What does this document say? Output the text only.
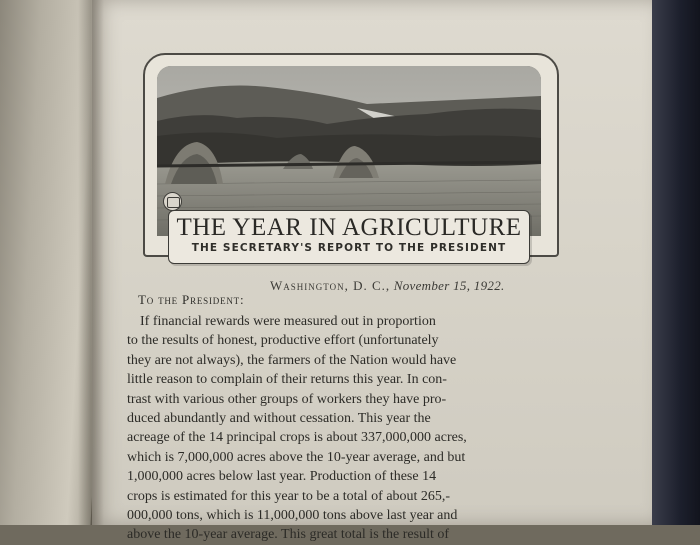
THE YEAR IN AGRICULTURE
THE SECRETARY'S REPORT TO THE PRESIDENT
Washington, D. C., November 15, 1922.
To the President:
If financial rewards were measured out in proportion
to the results of honest, productive effort (unfortunately
they are not always), the farmers of the Nation would have
little reason to complain of their returns this year. In con-
trast with various other groups of workers they have pro-
duced abundantly and without cessation. This year the
acreage of the 14 principal crops is about 337,000,000 acres,
which is 7,000,000 acres above the 10-year average, and but
1,000,000 acres below last year. Production of these 14
crops is estimated for this year to be a total of about 265,-
000,000 tons, which is 11,000,000 tons above last year and
above the 10-year average. This great total is the result of
